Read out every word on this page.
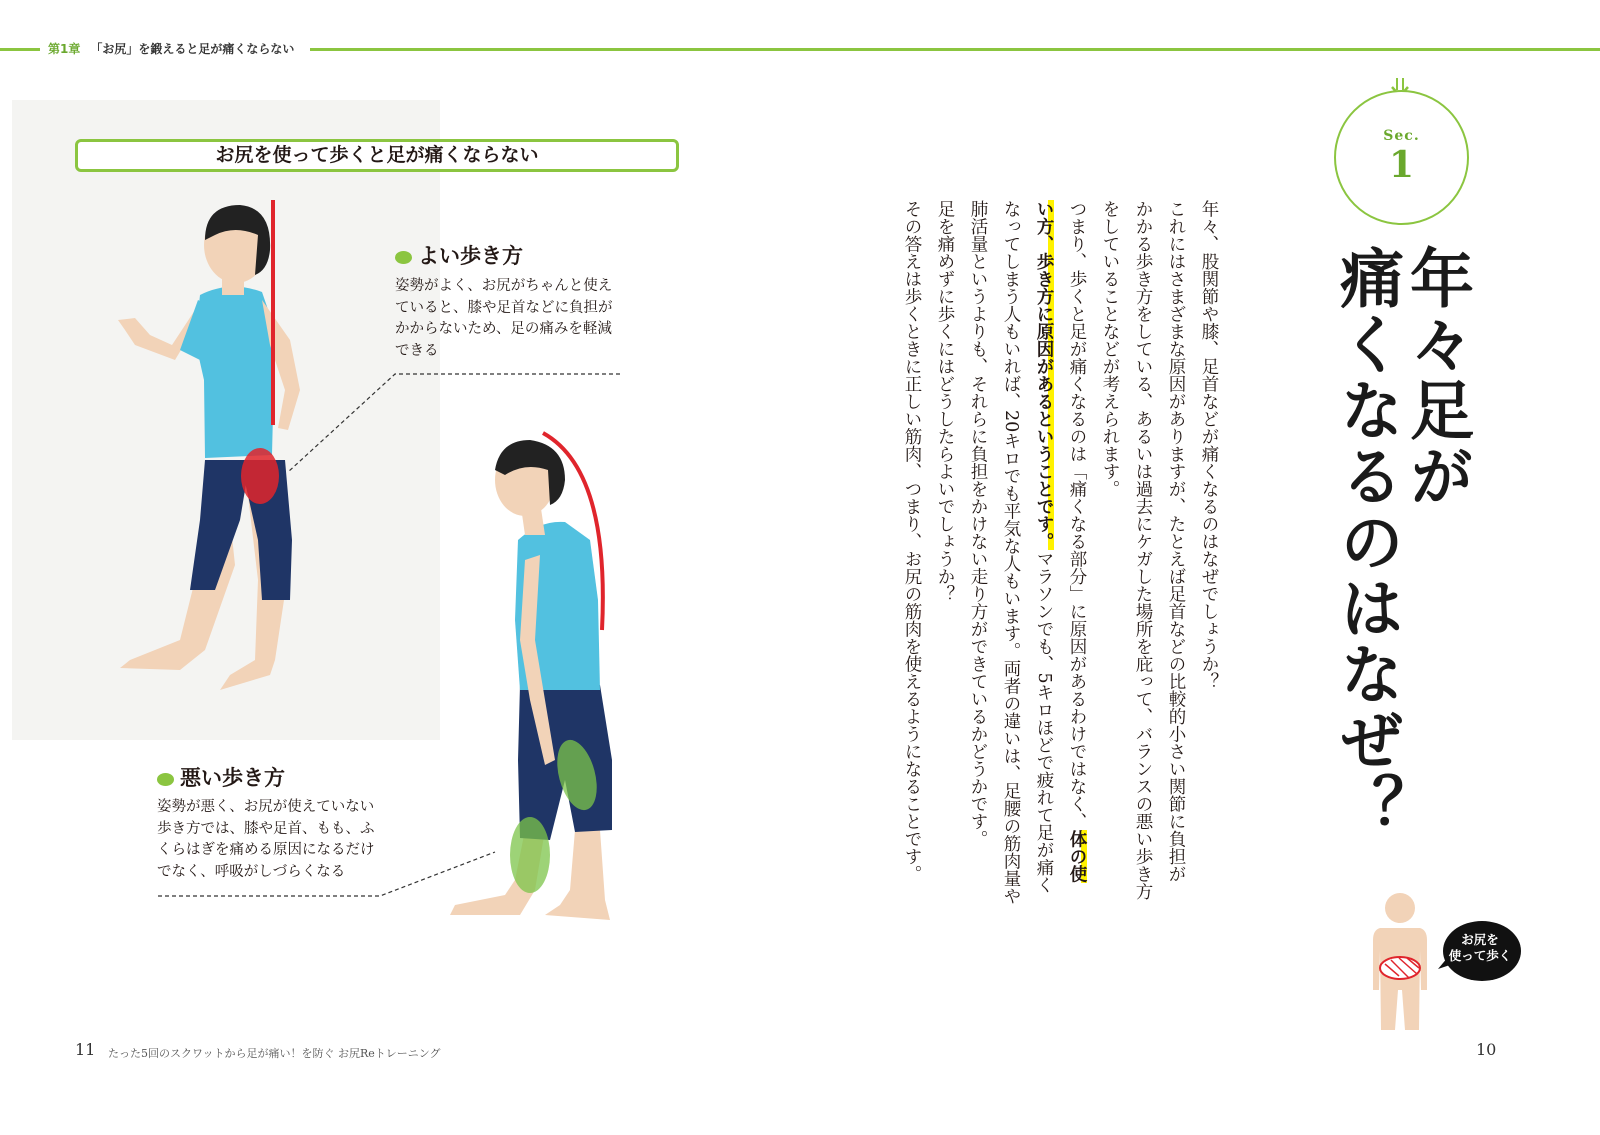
第1章 「お尻」を鍛えると足が痛くならない
お尻を使って歩くと足が痛くならない
よい歩き方
姿勢がよく、お尻がちゃんと使え
ていると、膝や足首などに負担が
かからないため、足の痛みを軽減
できる
悪い歩き方
姿勢が悪く、お尻が使えていない
歩き方では、膝や足首、もも、ふ
くらはぎを痛める原因になるだけ
でなく、呼吸がしづらくなる
Sec.
1
年々足が
痛くなるのはなぜ？
年々、股関節や膝、足首などが痛くなるのはなぜでしょうか？
これにはさまざまな原因がありますが、たとえば足首などの比較的小さい関節に負担が
かかる歩き方をしている、あるいは過去にケガした場所を庇って、バランスの悪い歩き方
をしていることなどが考えられます。
つまり、歩くと足が痛くなるのは「痛くなる部分」に原因があるわけではなく、体の使
い方、歩き方に原因があるということです。マラソンでも、5キロほどで疲れて足が痛く
なってしまう人もいれば、20キロでも平気な人もいます。両者の違いは、足腰の筋肉量や
肺活量というよりも、それらに負担をかけない走り方ができているかどうかです。
足を痛めずに歩くにはどうしたらよいでしょうか？
その答えは歩くときに正しい筋肉、つまり、お尻の筋肉を使えるようになることです。
お尻を
使って歩く
11 たった5回のスクワットから足が痛い！を防ぐ お尻Reトレーニング	10
